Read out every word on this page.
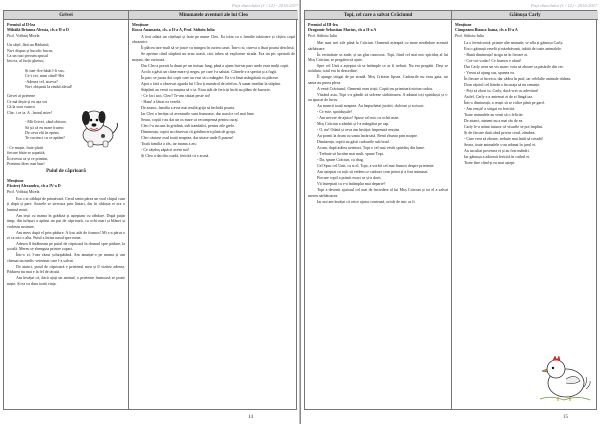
Pași diavolului (1 / 12) - 2016-2017
Grivei
Premiul al II-lea
Mihăilă Brianna Alessia, cls a II-a D
Prof. Vrăbiuț Mirela
Un cățel, fără un Bărbatul,
Nu-i dispus și bucolic bucur,
Ca un ruzi precum spusul
Imi ea, al fucții ghetus;
Și iute-Are bătăi l-îi vus,
Ce-i vei, mini când? Hei
-Adesea cel, atceva?
Nu-i obișnuit la rindul alesul!
Grivei ai prietene
Ce mă dește și eu așa voi
Că la sora vatucu
Cîte, i ce ia. A , înorul mire!
- Mă Grivei, când obitore,
Să ști că eu mare frutesc
De ceva elii în eprim,
Te vuciesci cu ce aptăm?
- Ce muște, frate plutit
fiecare bătie se șopatită,
Îti avestu ca și ce primim,
Prietenu fărec mai bun!
Puiul de căprioară
Mențiune
Păcăreț Alexandra, cls a IV-a D
Prof. Vrăbiuț Mirela
Era o zi călduță de primăvară. Cerul senin părea un voal chipul cum ți după și pare. Soarele se strecura prin lăstari, dar în obârșia ei era o lumină nouă.
Am ieșit cu mama în grădină și așteptam cu răbdare. După puțin timp, din tufișuri a apărut un pui de căprioară, cu ochi mari și blânzi și vorbeau rusinare.
Am mers după el prin pădure. A fost atât de frumos! Mi s-a părut o zi ca nici o alta. Puiul a întins nasul spre mine.
Adesea îl întâlneam pe puiul de căprioară în drumul spre pădure, la școală. Mereu se zbenguia printre copaci.
Într-o zi, l-am văzut șchiopătând. Am anunțat-o pe mama și am chemat un medic veterinar care l-a salvat.
De atunci, puiul de căprioară e prietenul meu și îl vizitez adesea. Pădurea nu mai e la fel de tăcută.
Am învățat că, dacă ajuți un animal, o prietenie frumoasă se poate naște. Și ea va dura toată viața.
Minunatele aventuri ale lui Cleo
Mențiune
Rosca Anamaria, cls. a II-a A, Prof. Săftoiu Iulia
A fost odată un cățelușă și frate pe nume Cleo. Ea trăia cu o familie iubitoare și câțiva copii obraznici.
Îi plăcea tare mult să se joace cu mingea în curtea casei. Într-o zi, cineva a lăsat poarta deschisă.
Se aprinse când stăpânii nu erau acasă, căci iubea să exploreze strada. Era un pic speriată de mașini, dar curioasă.
Dar Cleo a pornit la drum pe un trotuar lung, până a ajuns într-un parc unde erau mulți copii.
Acolo a găsit un câine mare și negru, pe care l-a salutat. Câinele s-a speriat și a fugit.
În parc se jucau doi copii care au vrut să o mângâie. Ea s-a lăsat mângâiată cu plăcere.
Apoi o fată a observat zgarda lui Cleo și numărul de telefon. A sunat imediat la stăpâni.
Stăpânii au venit cu mașina să o ia. Erau atât de fericiți încât au plâns de bucurie.
- Ce faci aici, Cleo? Te-am căutat peste tot!
- Ham! a lătrat ea veselă.
De atunci, familia a avut mai multă grijă să închidă poarta.
Iar Cleo a învățat că aventurile sunt frumoase, dar acasă e cel mai bine.
Seara, copiii i-au dat un os mare ca recompensă pentru curaj.
Cleo l-a ascuns în grădină, sub trandafiri, pentru zile grele.
Dimineața, copiii au observat că grădina era plină de gropi.
Cleo căutase osul toată noaptea, dar uitase unde îl pusese!
Toată familia a râs, iar mama a zis:
- Ce cățeluș zăpăcit avem noi!
Și Cleo a dat din coadă, fericită că e acasă.
14
Pași diavolului (1 / 12) - 2016-2017
Topi, cel care a salvat Crăciunul
Premiul al III-lea
Dragomir Sebastian Marius, cls a II-a A
Prof. Săftoiu Iulia
Mai sunt trei zile până la Crăciun. Oamenii așteaptă cu mare nerăbdare această sărbătoare.
În vecinătate se aude, și un glas cunoscut. Topi, fiind cel mai mic spiriduș al lui Moș Crăciun, se pregătea să ajute.
Spre cel Unit a așteptat să se întâmple ce ar fi trebuit. Nu era pregătit. Deși se străduia, totul era în dezordine.
Îl ajunge strigat de pe stradă. Moș Crăciun lipsea. Cadourile nu erau gata, iar sania nu putea pleca.
A venit Crăciunul. Oamenii erau triști. Copiii nu primiseră niciun cadou.
Văzând asta, Topi s-a gândit să salveze sărbătoarea. A adunat toți spiridușii și s-au apucat de lucru.
Au muncit toată noaptea. Au împachetat jucării, dulciuri și scrisori.
- Ce este, spiridușule?
- Am nevoie de ajutor! Spuse cel mic cu ochii mari.
Moș Crăciun a zâmbit și l-a mângâiat pe cap.
- O, nu! Odată și ceva am învățat: împreună reușim.
Au pornit la drum cu sania încărcată. Renii zburau prin noapte.
Dimineața, copiii au găsit cadourile sub brad.
Acum, după atâtea aventuri, Topi e cel mai vestit spiriduș din lume.
- Trebuie să lucrăm mai mult, spune Topi.
- Da, spune Crăciun, cu drag.
Cel Spuc cel Unit, ca si el, Topi, a vorbit cel mai frumos despre prietenie.
Am așteptat cu toții să vedem ce cadouri vom primi și a fost minunat.
Fiecare copil a primit exact ce și-a dorit.
Vă întreptati cu e-a întâmplat mai departe?
Topi a devenit ajutorul cel mai de încredere al lui Moș Crăciun și tot el a salvat mereu sărbătoarea.
Iar noi am învățat că orice ajutor contează, oricât de mic ar fi.
Găinușa Carly
Mențiune
Câmpeanu Bianca Ioana, cls a II-a A
Prof. Săftoiu Iulia
La o fermă mică, printre alte animale, se afla și găinușa Carly.
Era o găinușă veselă și năzdrăvană, iubită de toate animalele.
- Bună dimineața! striga ea în fiecare zi.
- Cot-cot-codac! Ce frumos e afară!
Dar Carly avea un vis mare: voia să zboare ca păsările din cer.
- Vreau să ajung sus, spunea ea.
În fiecare zi încerca, dar cădea în praf, iar celelalte animale râdeau.
Doar rățoiul cel bătrân o încuraja să nu renunțe.
- Poți să zbori tu, Carly, dacă vrei cu adevărat!
Astfel, Carly s-a antrenat zi de zi lângă iaz.
Într-o dimineață, a reușit să se ridice până pe gard.
- Am reușit! a strigat ea fericită.
Toate animalele au venit să o felicite.
De atunci, nimeni nu a mai râs de ea.
Carly le-a arătat tuturor că visurile se pot împlini.
Și de fiecare dată când privea cerul, zâmbea.
- Cine vrea să zboare, trebuie mai întâi să creadă!
Seara, toate animalele s-au adunat în jurul ei.
Au ascultat povestea ei și au fost mândri.
Iar găinușa a adormit fericită în cuibul ei.
Toate fine când și eu mai aștept.
15
